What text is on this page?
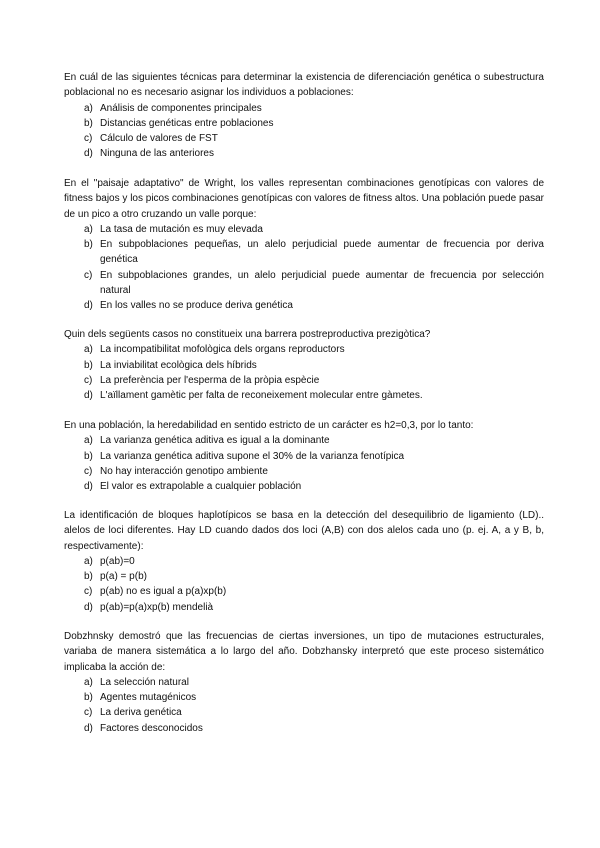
En cuál de las siguientes técnicas para determinar la existencia de diferenciación genética o subestructura poblacional no es necesario asignar los individuos a poblaciones:

a) Análisis de componentes principales
b) Distancias genéticas entre poblaciones
c) Cálculo de valores de FST
d) Ninguna de las anteriores

En el "paisaje adaptativo" de Wright, los valles representan combinaciones genotípicas con valores de fitness bajos y los picos combinaciones genotípicas con valores de fitness altos. Una población puede pasar de un pico a otro cruzando un valle porque:

a) La tasa de mutación es muy elevada
b) En subpoblaciones pequeñas, un alelo perjudicial puede aumentar de frecuencia por deriva genética
c) En subpoblaciones grandes, un alelo perjudicial puede aumentar de frecuencia por selección natural
d) En los valles no se produce deriva genética

Quin dels següents casos no constitueix una barrera postreproductiva prezigòtica?

a) La incompatibilitat mofològica dels organs reproductors
b) La inviabilitat ecològica dels híbrids
c) La preferència per l'esperma de la pròpia espècie
d) L'aïllament gamètic per falta de reconeixement molecular entre gàmetes.

En una población, la heredabilidad en sentido estricto de un carácter es h2=0,3, por lo tanto:

a) La varianza genética aditiva es igual a la dominante
b) La varianza genética aditiva supone el 30% de la varianza fenotípica
c) No hay interacción genotipo ambiente
d) El valor es extrapolable a cualquier población

La identificación de bloques haplotípicos se basa en la detección del desequilibrio de ligamiento (LD).. alelos de loci diferentes. Hay LD cuando dados dos loci (A,B) con dos alelos cada uno (p. ej. A, a y B, b, respectivamente):

a) p(ab)=0
b) p(a) = p(b)
c) p(ab) no es igual a p(a)xp(b)
d) p(ab)=p(a)xp(b) mendelià

Dobzhnsky demostró que las frecuencias de ciertas inversiones, un tipo de mutaciones estructurales, variaba de manera sistemática a lo largo del año. Dobzhansky interpretó que este proceso sistemático implicaba la acción de:

a) La selección natural
b) Agentes mutagénicos
c) La deriva genética
d) Factores desconocidos
